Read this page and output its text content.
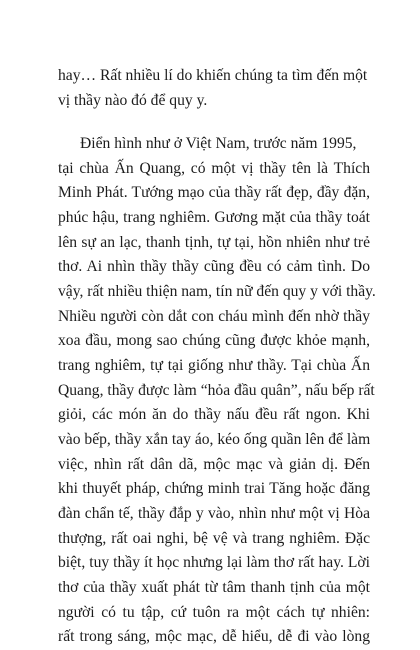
hay… Rất nhiều lí do khiến chúng ta tìm đến một
vị thầy nào đó để quy y.
Điển hình như ở Việt Nam, trước năm 1995,
tại chùa Ấn Quang, có một vị thầy tên là Thích
Minh Phát. Tướng mạo của thầy rất đẹp, đầy đặn,
phúc hậu, trang nghiêm. Gương mặt của thầy toát
lên sự an lạc, thanh tịnh, tự tại, hồn nhiên như trẻ
thơ. Ai nhìn thầy thầy cũng đều có cảm tình. Do
vậy, rất nhiều thiện nam, tín nữ đến quy y với thầy.
Nhiều người còn dắt con cháu mình đến nhờ thầy
xoa đầu, mong sao chúng cũng được khỏe mạnh,
trang nghiêm, tự tại giống như thầy. Tại chùa Ấn
Quang, thầy được làm “hỏa đầu quân”, nấu bếp rất
giỏi, các món ăn do thầy nấu đều rất ngon. Khi
vào bếp, thầy xắn tay áo, kéo ống quần lên để làm
việc, nhìn rất dân dã, mộc mạc và giản dị. Đến
khi thuyết pháp, chứng minh trai Tăng hoặc đăng
đàn chẩn tế, thầy đắp y vào, nhìn như một vị Hòa
thượng, rất oai nghi, bệ vệ và trang nghiêm. Đặc
biệt, tuy thầy ít học nhưng lại làm thơ rất hay. Lời
thơ của thầy xuất phát từ tâm thanh tịnh của một
người có tu tập, cứ tuôn ra một cách tự nhiên:
rất trong sáng, mộc mạc, dễ hiểu, dễ đi vào lòng
